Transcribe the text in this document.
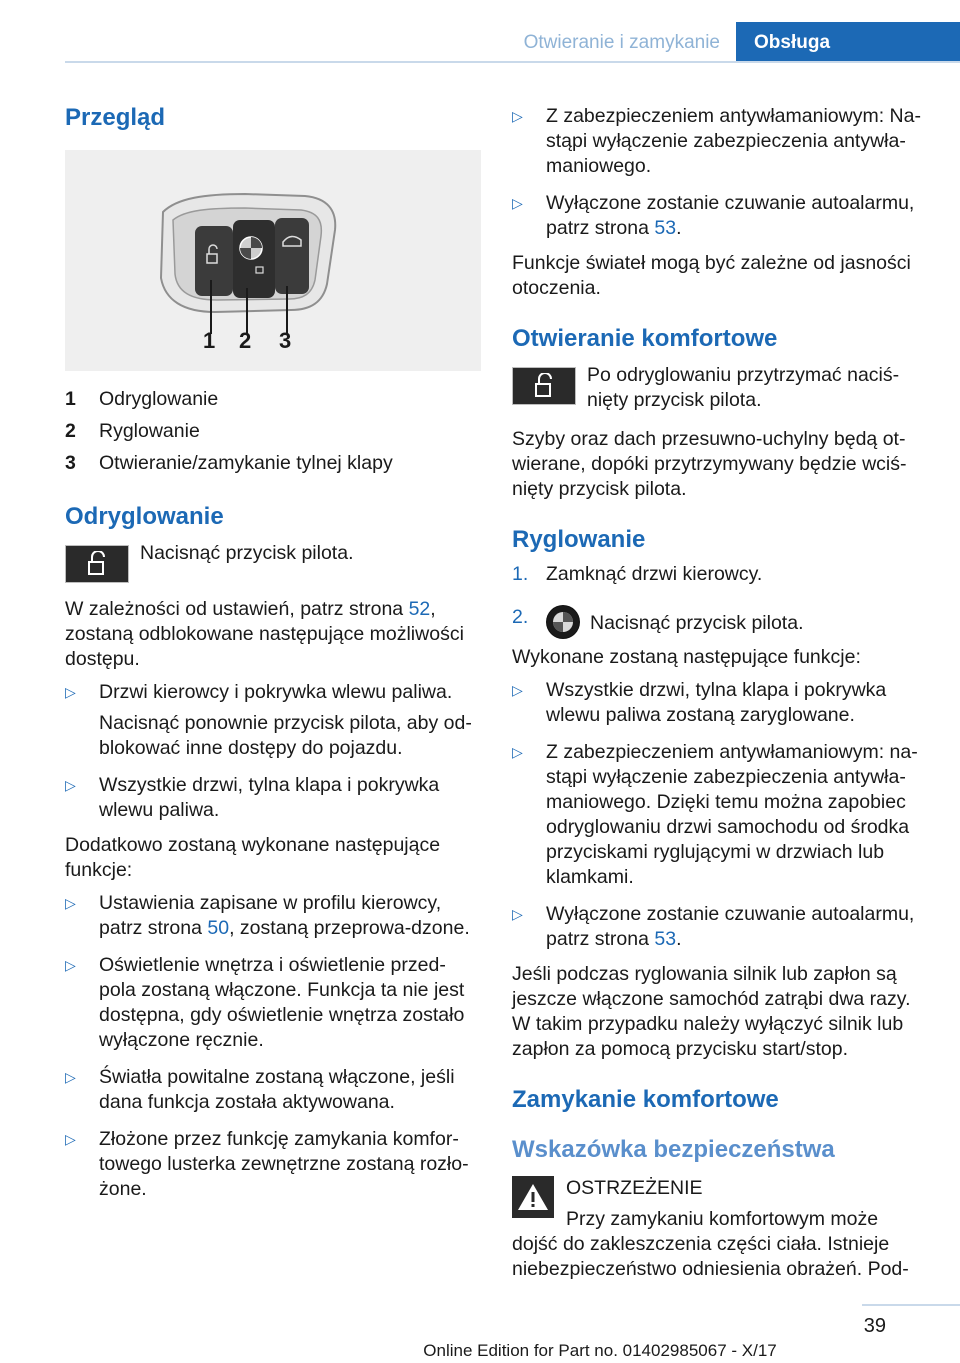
Otwieranie i zamykanie	Obsługa
Przegląd
1 2 3
1	Odryglowanie
2	Ryglowanie
3	Otwieranie/zamykanie tylnej klapy
Odryglowanie
Nacisnąć przycisk pilota.

W zależności od ustawień, patrz strona 52, zostaną odblokowane następujące możliwości dostępu.

▷ Drzwi kierowcy i pokrywka wlewu paliwa.

Nacisnąć ponownie przycisk pilota, aby od-blokować inne dostępy do pojazdu.

▷ Wszystkie drzwi, tylna klapa i pokrywka wlewu paliwa.

Dodatkowo zostaną wykonane następujące funkcje:

▷ Ustawienia zapisane w profilu kierowcy, patrz strona 50, zostaną przeprowa-dzone.
▷ Oświetlenie wnętrza i oświetlenie przed-pola zostaną włączone. Funkcja ta nie jest dostępna, gdy oświetlenie wnętrza zostało wyłączone ręcznie.
▷ Światła powitalne zostaną włączone, jeśli dana funkcja została aktywowana.
▷ Złożone przez funkcję zamykania komfor-towego lusterka zewnętrzne zostaną rozło-żone.
▷ Z zabezpieczeniem antywłamaniowym: Na-stąpi wyłączenie zabezpieczenia antywła-maniowego.
▷ Wyłączone zostanie czuwanie autoalarmu, patrz strona 53.

Funkcje świateł mogą być zależne od jasności otoczenia.

Otwieranie komfortowe
Po odryglowaniu przytrzymać naciś-nięty przycisk pilota.

Szyby oraz dach przesuwno-uchylny będą ot-wierane, dopóki przytrzymywany będzie wciś-nięty przycisk pilota.

Ryglowanie
1. Zamknąć drzwi kierowcy.
2.	Nacisnąć przycisk pilota.

Wykonane zostaną następujące funkcje:

▷ Wszystkie drzwi, tylna klapa i pokrywka wlewu paliwa zostaną zaryglowane.
▷ Z zabezpieczeniem antywłamaniowym: na-stąpi wyłączenie zabezpieczenia antywła-maniowego. Dzięki temu można zapobiec odryglowaniu drzwi samochodu od środka przyciskami ryglującymi w drzwiach lub klamkami.
▷ Wyłączone zostanie czuwanie autoalarmu, patrz strona 53.

Jeśli podczas ryglowania silnik lub zapłon są jeszcze włączone samochód zatrąbi dwa razy. W takim przypadku należy wyłączyć silnik lub zapłon za pomocą przycisku start/stop.

Zamykanie komfortowe
Wskazówka bezpieczeństwa
OSTRZEŻENIE
Przy zamykaniu komfortowym może

dojść do zakleszczenia części ciała. Istnieje niebezpieczeństwo odniesienia obrażeń. Pod-

39
Online Edition for Part no. 01402985067 - X/17
